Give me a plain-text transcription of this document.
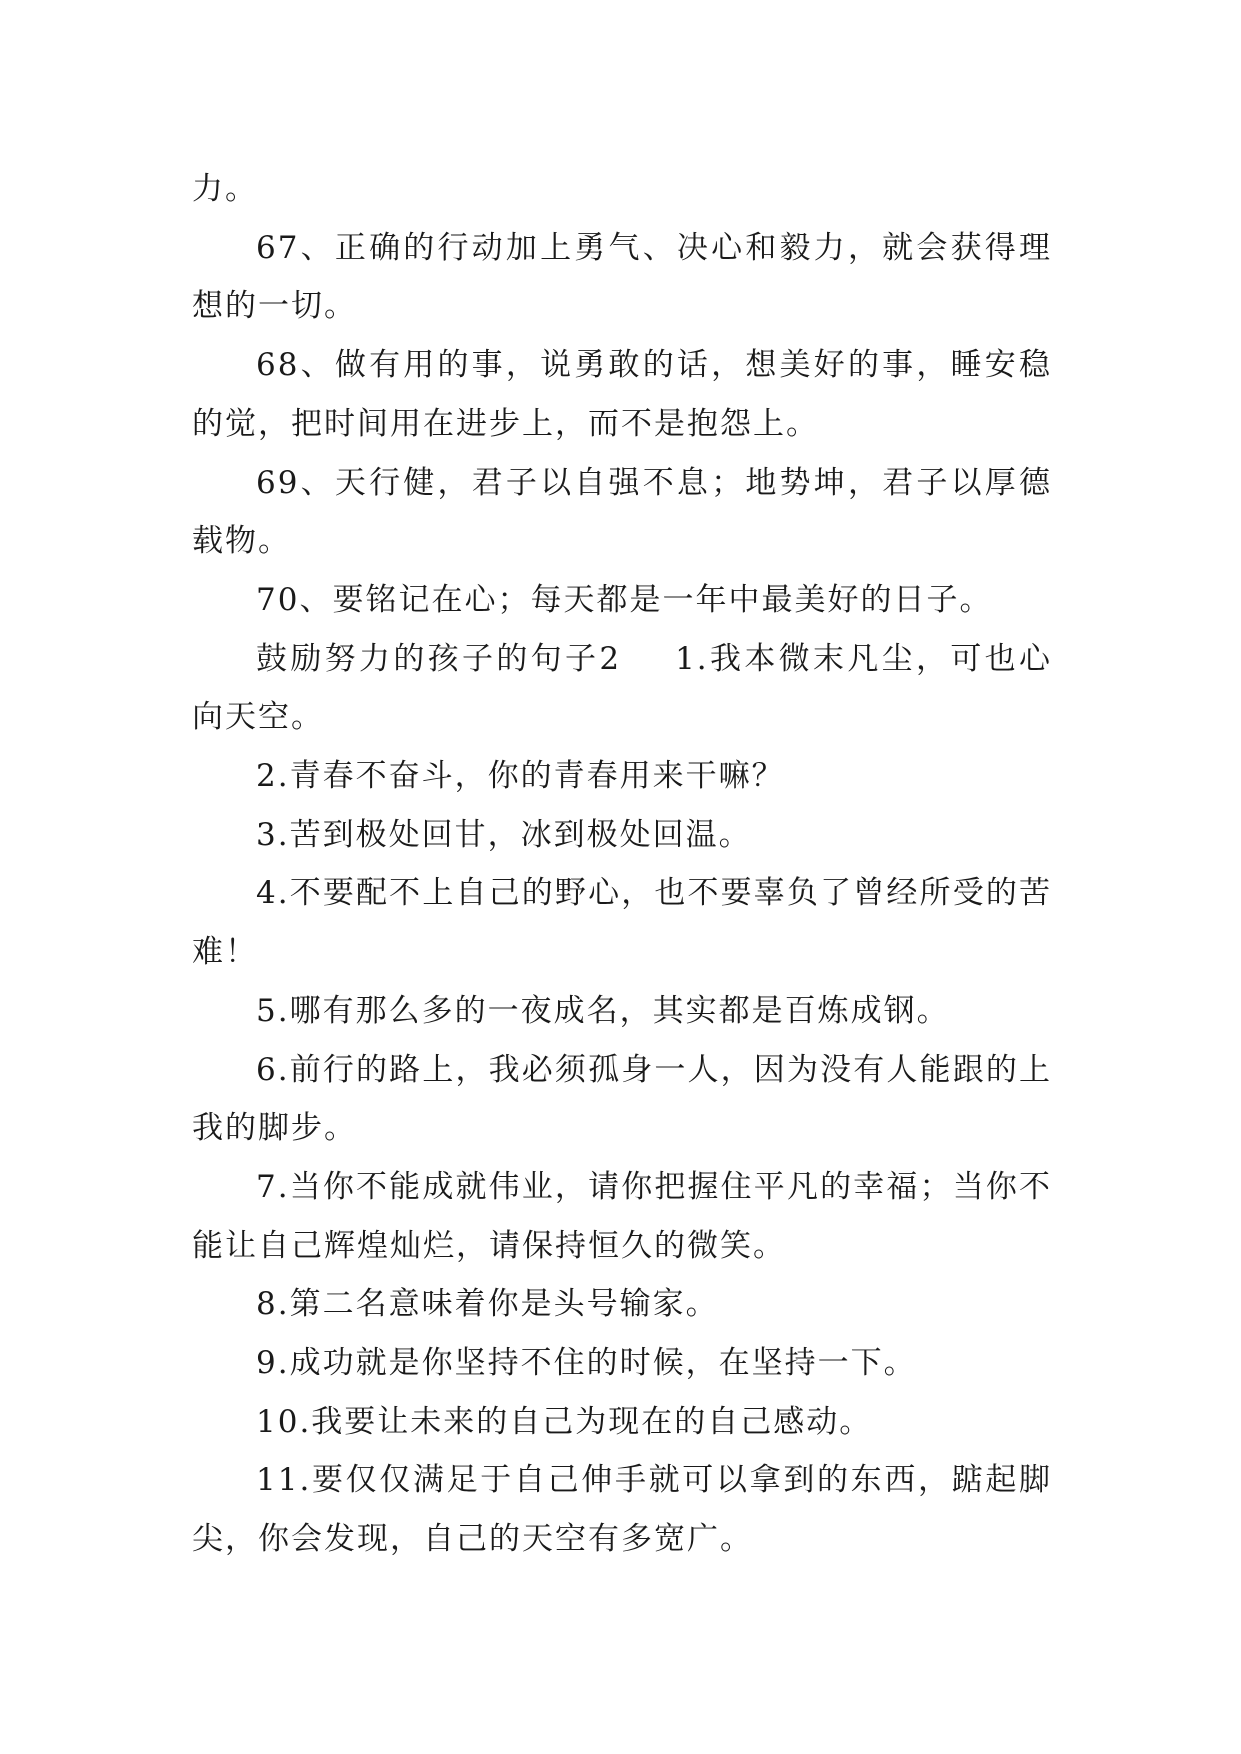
力。

67、正确的行动加上勇气、决心和毅力，就会获得理想的一切。

68、做有用的事，说勇敢的话，想美好的事，睡安稳的觉，把时间用在进步上，而不是抱怨上。

69、天行健，君子以自强不息；地势坤，君子以厚德载物。

70、要铭记在心；每天都是一年中最美好的日子。

鼓励努力的孩子的句子2 1.我本微末凡尘，可也心向天空。

2.青春不奋斗，你的青春用来干嘛？

3.苦到极处回甘，冰到极处回温。

4.不要配不上自己的野心，也不要辜负了曾经所受的苦难！

5.哪有那么多的一夜成名，其实都是百炼成钢。

6.前行的路上，我必须孤身一人，因为没有人能跟的上我的脚步。

7.当你不能成就伟业，请你把握住平凡的幸福；当你不能让自己辉煌灿烂，请保持恒久的微笑。

8.第二名意味着你是头号输家。

9.成功就是你坚持不住的时候，在坚持一下。

10.我要让未来的自己为现在的自己感动。

11.要仅仅满足于自己伸手就可以拿到的东西，踮起脚尖，你会发现，自己的天空有多宽广。
